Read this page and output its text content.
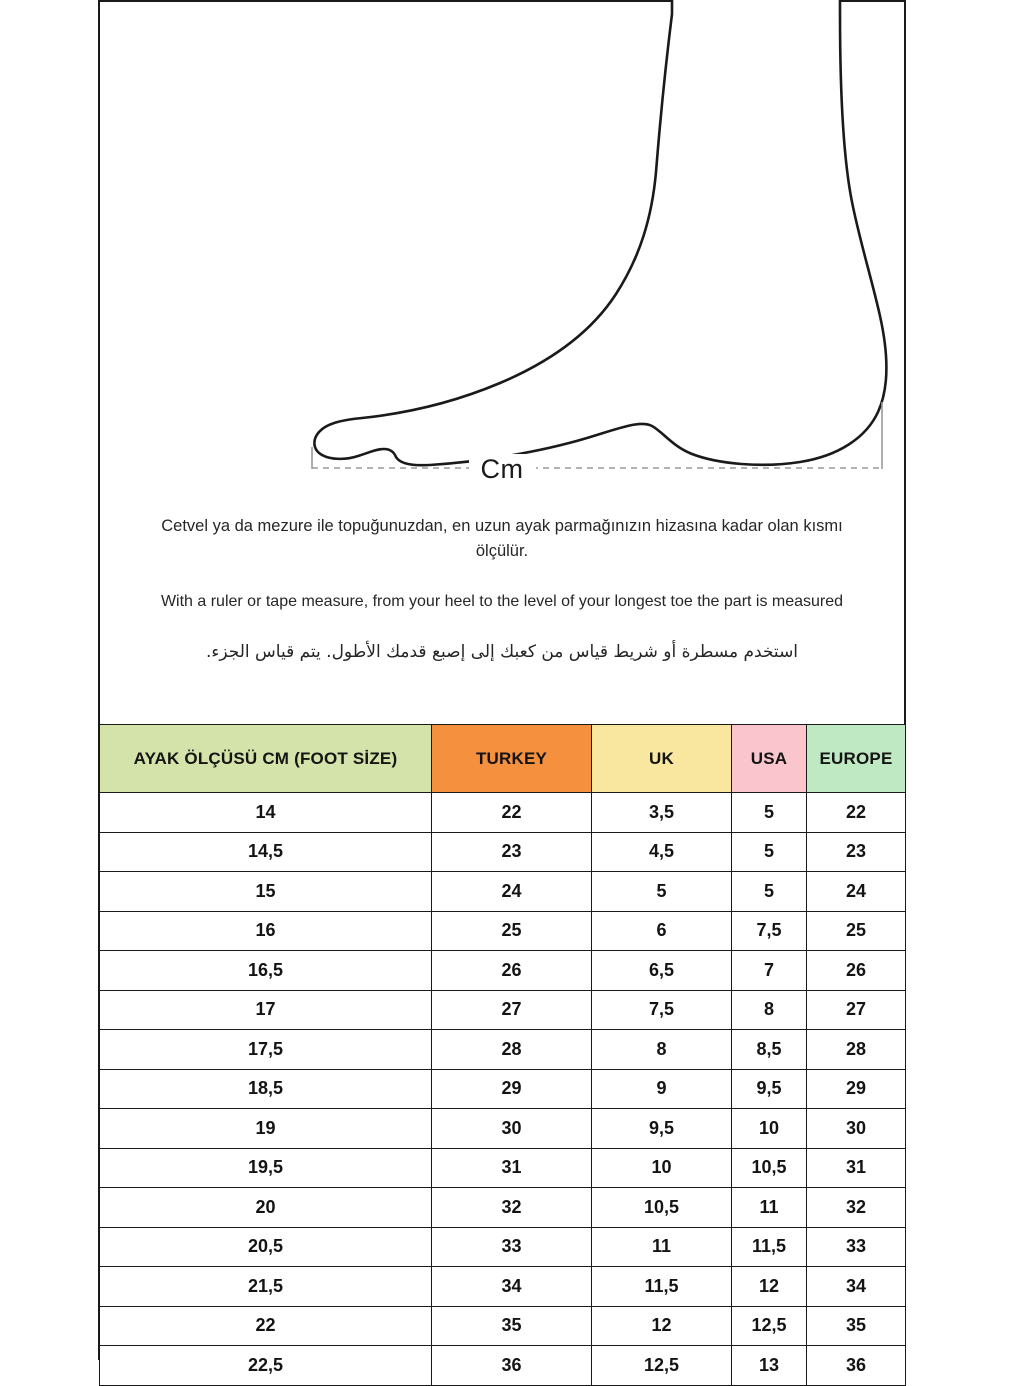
Cm

Cetvel ya da mezure ile topuğunuzdan, en uzun ayak parmağınızın hizasına kadar olan kısmı ölçülür.

With a ruler or tape measure, from your heel to the level of your longest toe the part is measured

استخدم مسطرة أو شريط قياس من كعبك إلى إصبع قدمك الأطول. يتم قياس الجزء.

AYAK ÖLÇÜSÜ CM (FOOT SİZE)	TURKEY	UK	USA	EUROPE
14	22	3,5	5	22
14,5	23	4,5	5	23
15	24	5	5	24
16	25	6	7,5	25
16,5	26	6,5	7	26
17	27	7,5	8	27
17,5	28	8	8,5	28
18,5	29	9	9,5	29
19	30	9,5	10	30
19,5	31	10	10,5	31
20	32	10,5	11	32
20,5	33	11	11,5	33
21,5	34	11,5	12	34
22	35	12	12,5	35
22,5	36	12,5	13	36
